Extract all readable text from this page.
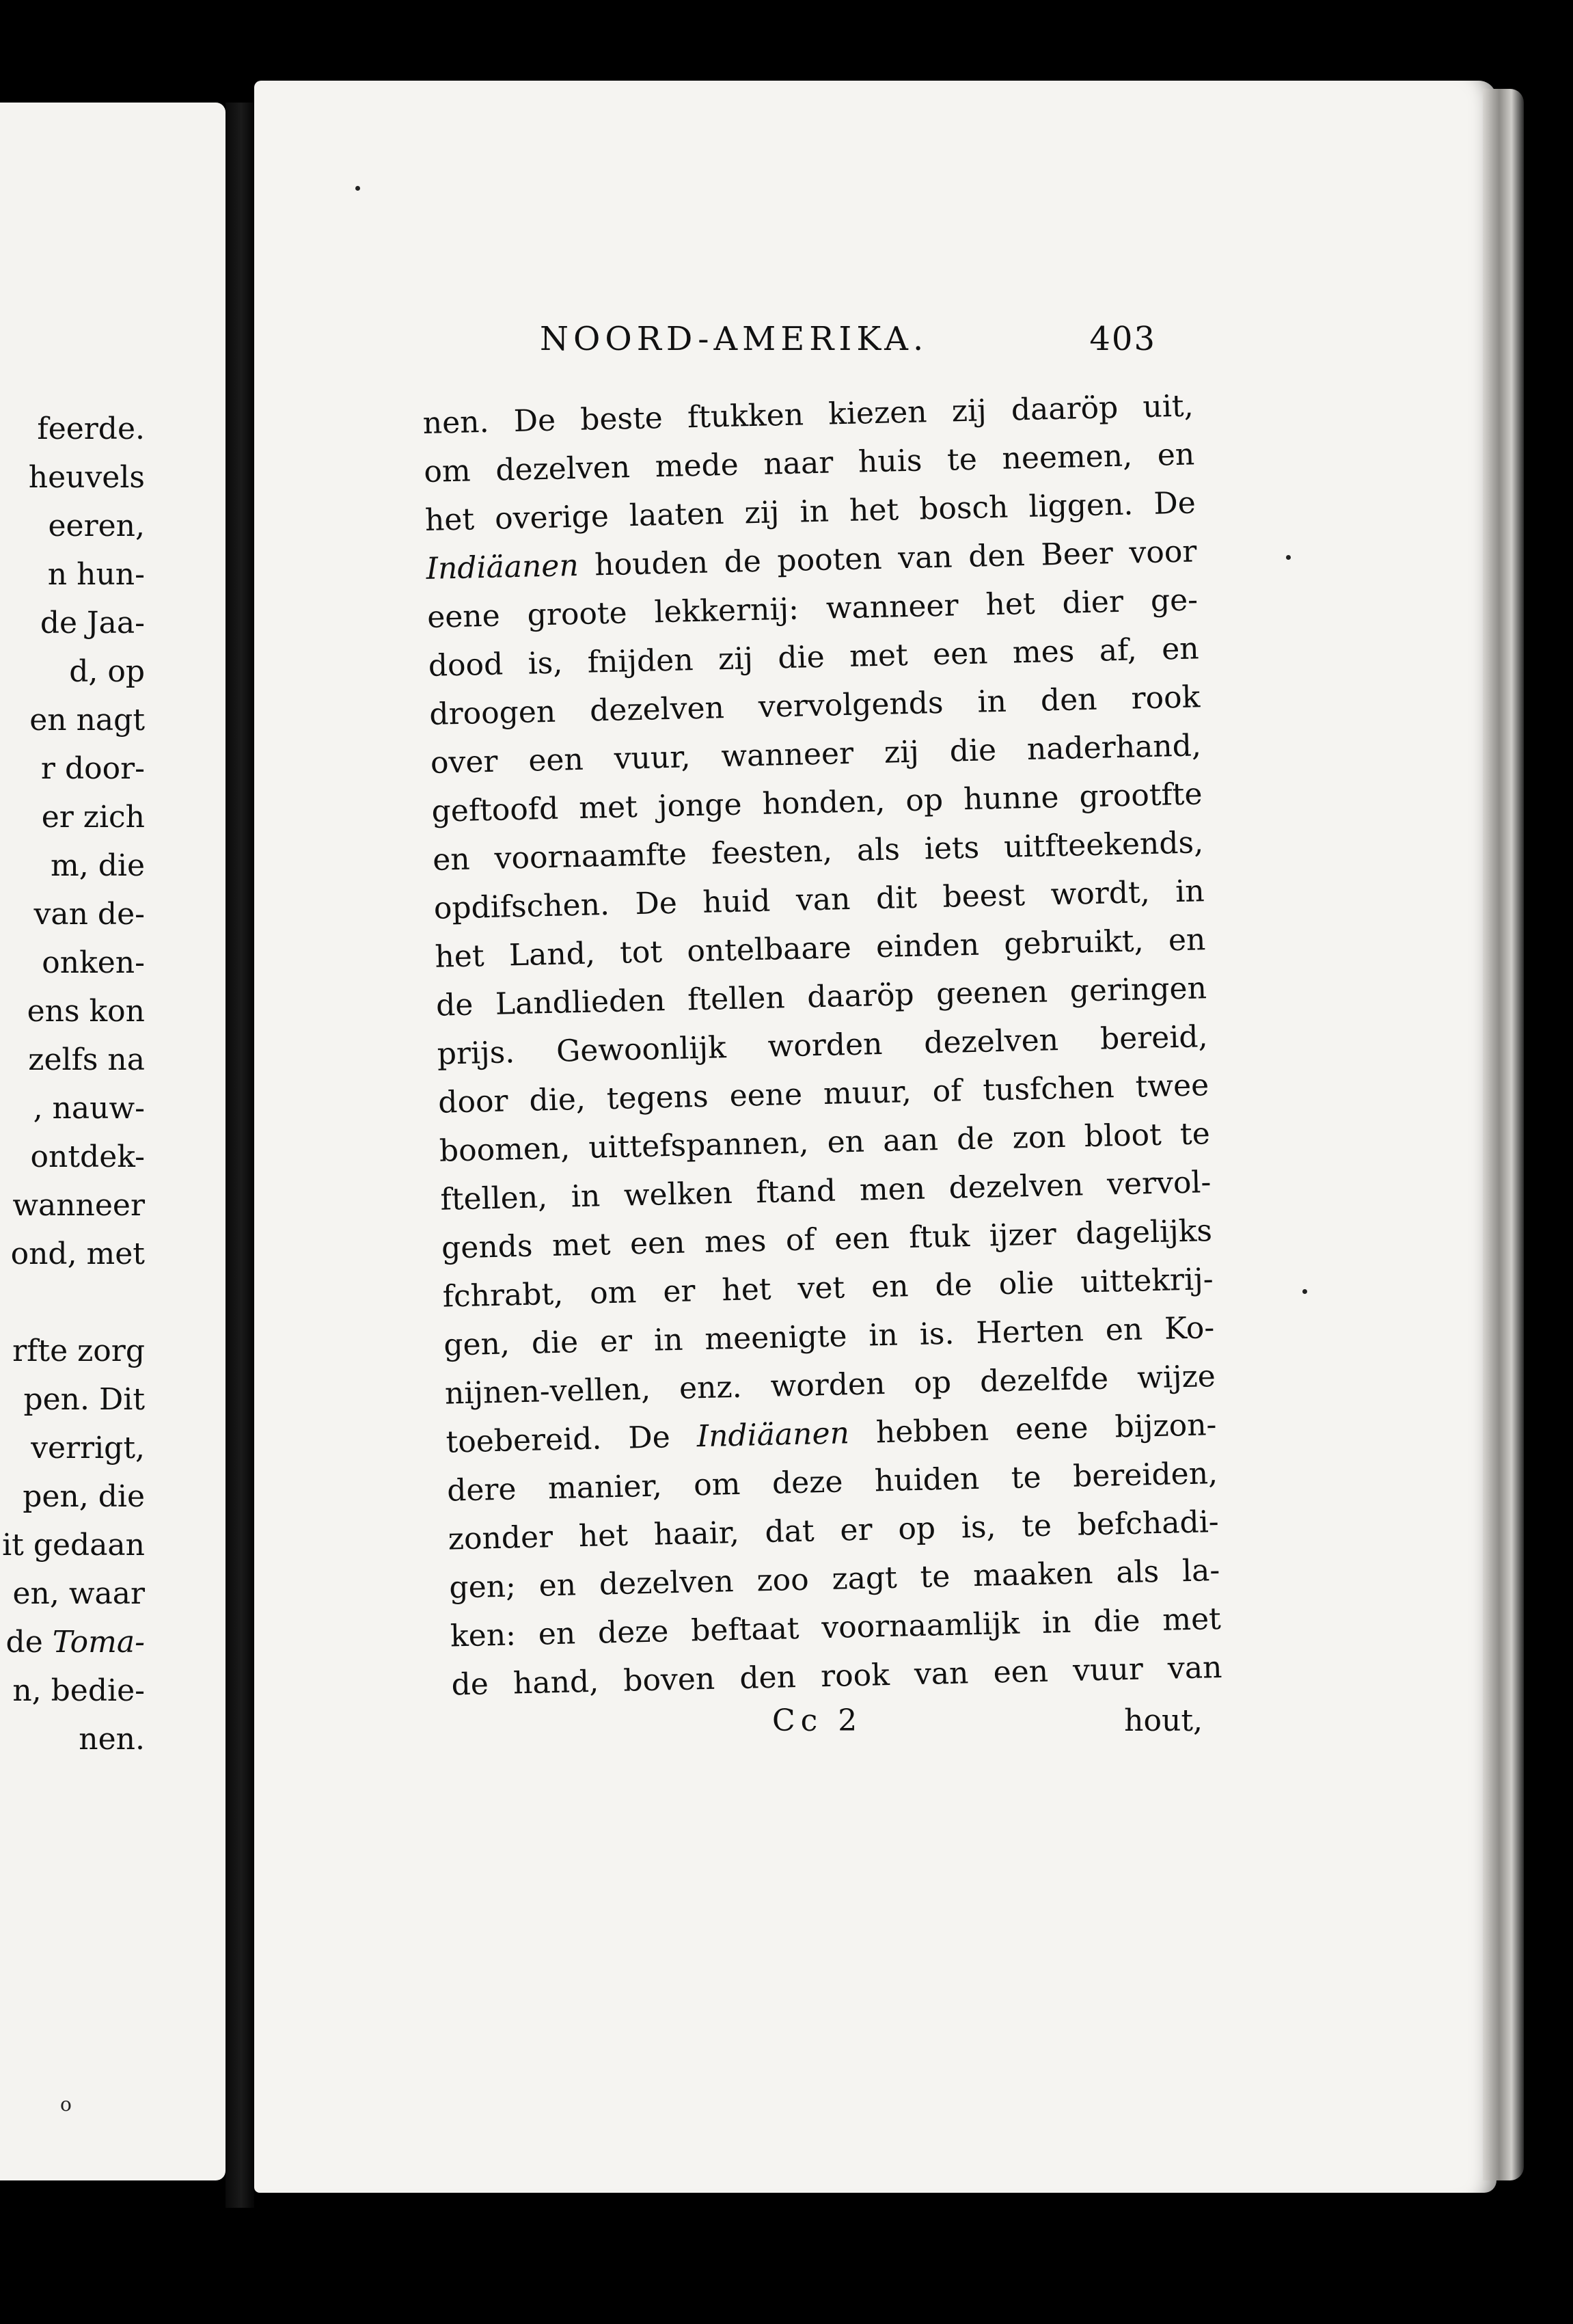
feerde.
heuvels
eeren,
n hun-
de Jaa-
d, op
en nagt
r door-
er zich
m, die
van de-
onken-
ens kon
zelfs na
, nauw-
ontdek-
wanneer
ond, met
rfte zorg
pen. Dit
verrigt,
pen, die
it gedaan
en, waar
de Toma-
n, bedie-
nen.
o
NOORD-AMERIKA.	403
nen. De beste ftukken kiezen zij daaröp uit,
om dezelven mede naar huis te neemen, en
het overige laaten zij in het bosch liggen. De
Indiäanen houden de pooten van den Beer voor
eene groote lekkernij: wanneer het dier ge-
dood is, fnijden zij die met een mes af, en
droogen dezelven vervolgends in den rook
over een vuur, wanneer zij die naderhand,
geftoofd met jonge honden, op hunne grootfte
en voornaamfte feesten, als iets uitfteekends,
opdifschen. De huid van dit beest wordt, in
het Land, tot ontelbaare einden gebruikt, en
de Landlieden ftellen daaröp geenen geringen
prijs. Gewoonlijk worden dezelven bereid,
door die, tegens eene muur, of tusfchen twee
boomen, uittefspannen, en aan de zon bloot te
ftellen, in welken ftand men dezelven vervol-
gends met een mes of een ftuk ijzer dagelijks
fchrabt, om er het vet en de olie uittekrij-
gen, die er in meenigte in is. Herten en Ko-
nijnen-vellen, enz. worden op dezelfde wijze
toebereid. De Indiäanen hebben eene bijzon-
dere manier, om deze huiden te bereiden,
zonder het haair, dat er op is, te befchadi-
gen; en dezelven zoo zagt te maaken als la-
ken: en deze beftaat voornaamlijk in die met
de hand, boven den rook van een vuur van
Cc 2	hout,
